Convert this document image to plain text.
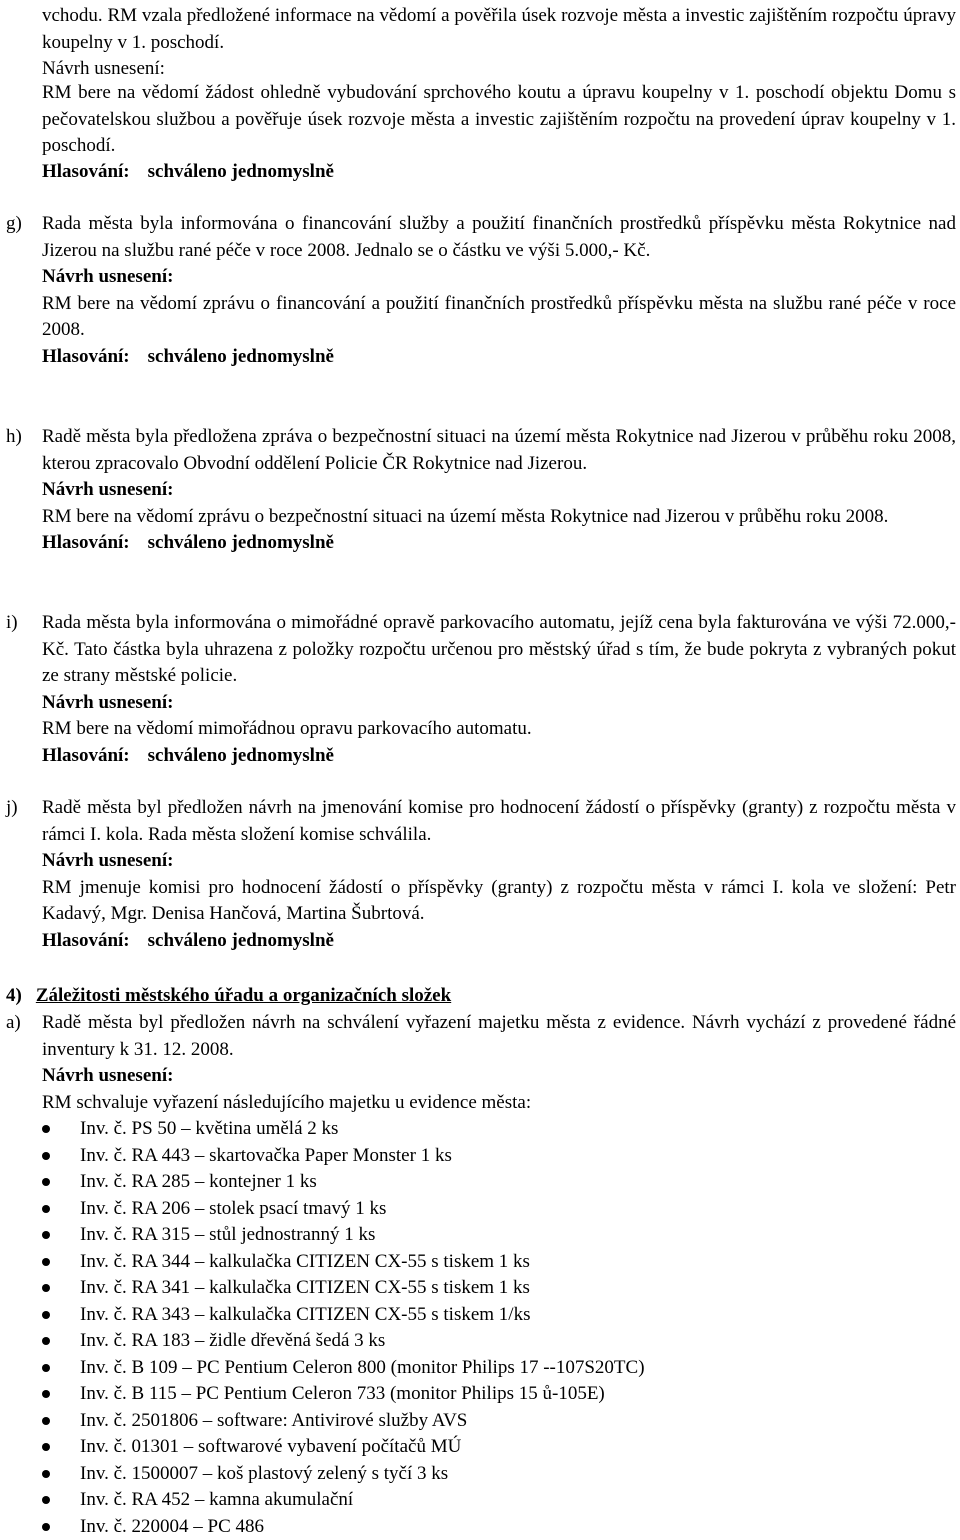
vchodu. RM vzala předložené informace na vědomí a pověřila úsek rozvoje města a investic zajištěním rozpočtu úpravy koupelny v 1. poschodí.

Návrh usnesení:

RM bere na vědomí žádost ohledně vybudování sprchového koutu a úpravu koupelny v 1. poschodí objektu Domu s pečovatelskou službou a pověřuje úsek rozvoje města a investic zajištěním rozpočtu na provedení úprav koupelny v 1. poschodí.

Hlasování: schváleno jednomyslně
g) Rada města byla informována o financování služby a použití finančních prostředků příspěvku města Rokytnice nad Jizerou na službu rané péče v roce 2008. Jednalo se o částku ve výši 5.000,- Kč.
Návrh usnesení:
RM bere na vědomí zprávu o financování a použití finančních prostředků příspěvku města na službu rané péče v roce 2008.
Hlasování: schváleno jednomyslně
h) Radě města byla předložena zpráva o bezpečnostní situaci na území města Rokytnice nad Jizerou v průběhu roku 2008, kterou zpracovalo Obvodní oddělení Policie ČR Rokytnice nad Jizerou.
Návrh usnesení:
RM bere na vědomí zprávu o bezpečnostní situaci na území města Rokytnice nad Jizerou v průběhu roku 2008.
Hlasování: schváleno jednomyslně
i) Rada města byla informována o mimořádné opravě parkovacího automatu, jejíž cena byla fakturována ve výši 72.000,- Kč. Tato částka byla uhrazena z položky rozpočtu určenou pro městský úřad s tím, že bude pokryta z vybraných pokut ze strany městské policie.
Návrh usnesení:
RM bere na vědomí mimořádnou opravu parkovacího automatu.
Hlasování: schváleno jednomyslně
j) Radě města byl předložen návrh na jmenování komise pro hodnocení žádostí o příspěvky (granty) z rozpočtu města v rámci I. kola. Rada města složení komise schválila.
Návrh usnesení:
RM jmenuje komisi pro hodnocení žádostí o příspěvky (granty) z rozpočtu města v rámci I. kola ve složení: Petr Kadavý, Mgr. Denisa Hančová, Martina Šubrtová.
Hlasování: schváleno jednomyslně
4) Záležitosti městského úřadu a organizačních složek
a) Radě města byl předložen návrh na schválení vyřazení majetku města z evidence. Návrh vychází z provedené řádné inventury k 31. 12. 2008.
Návrh usnesení:
RM schvaluje vyřazení následujícího majetku u evidence města:
Inv. č. PS 50 – květina umělá 2 ks
Inv. č. RA 443 – skartovačka Paper Monster 1 ks
Inv. č. RA 285 – kontejner 1 ks
Inv. č. RA 206 – stolek psací tmavý 1 ks
Inv. č. RA 315 – stůl jednostranný 1 ks
Inv. č. RA 344 – kalkulačka CITIZEN CX-55 s tiskem 1 ks
Inv. č. RA 341 – kalkulačka CITIZEN CX-55 s tiskem 1 ks
Inv. č. RA 343 – kalkulačka CITIZEN CX-55 s tiskem 1/ks
Inv. č. RA 183 – židle dřevěná šedá 3 ks
Inv. č. B 109 – PC Pentium Celeron 800 (monitor Philips 17 ‑-107S20TC)
Inv. č. B 115 – PC Pentium Celeron 733 (monitor Philips 15 ů-105E)
Inv. č. 2501806 – software: Antivirové služby AVS
Inv. č. 01301 – softwarové vybavení počítačů MÚ
Inv. č. 1500007 – koš plastový zelený s tyčí 3 ks
Inv. č. RA 452 – kamna akumulační
Inv. č. 220004 – PC 486
